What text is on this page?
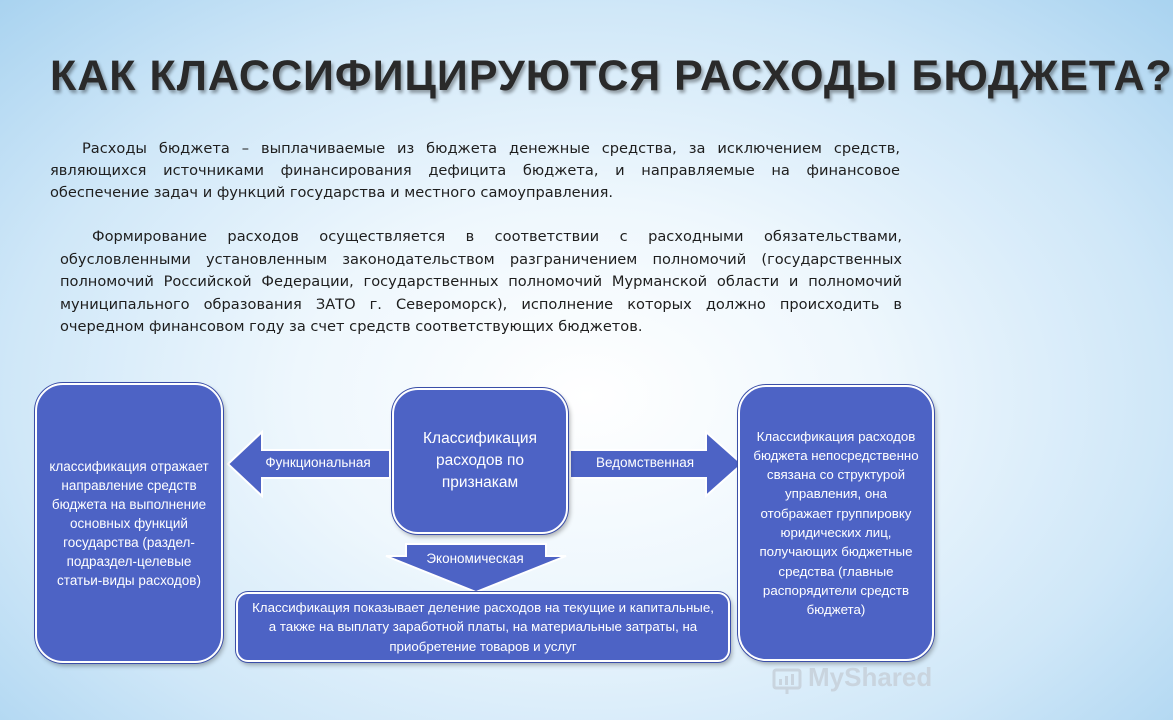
КАК КЛАССИФИЦИРУЮТСЯ РАСХОДЫ БЮДЖЕТА?

Расходы бюджета – выплачиваемые из бюджета денежные средства, за исключением средств, являющихся источниками финансирования дефицита бюджета, и направляемые на финансовое обеспечение задач и функций государства и местного самоуправления.

Формирование расходов осуществляется в соответствии с расходными обязательствами, обусловленными установленным законодательством разграничением полномочий (государственных полномочий Российской Федерации, государственных полномочий Мурманской области и полномочий муниципального образования ЗАТО г. Североморск), исполнение которых должно происходить в очередном финансовом году за счет средств соответствующих бюджетов.

классификация отражает направление средств бюджета на выполнение основных функций государства (раздел-подраздел-целевые статьи-виды расходов)
Классификация расходов по признакам
Классификация расходов бюджета непосредственно связана со структурой управления, она отображает группировку юридических лиц, получающих бюджетные средства (главные распорядители средств бюджета)
Классификация показывает деление расходов на текущие и капитальные, а также на выплату заработной платы, на материальные затраты, на приобретение товаров и услуг
Функциональная	Ведомственная
Экономическая
MyShared
